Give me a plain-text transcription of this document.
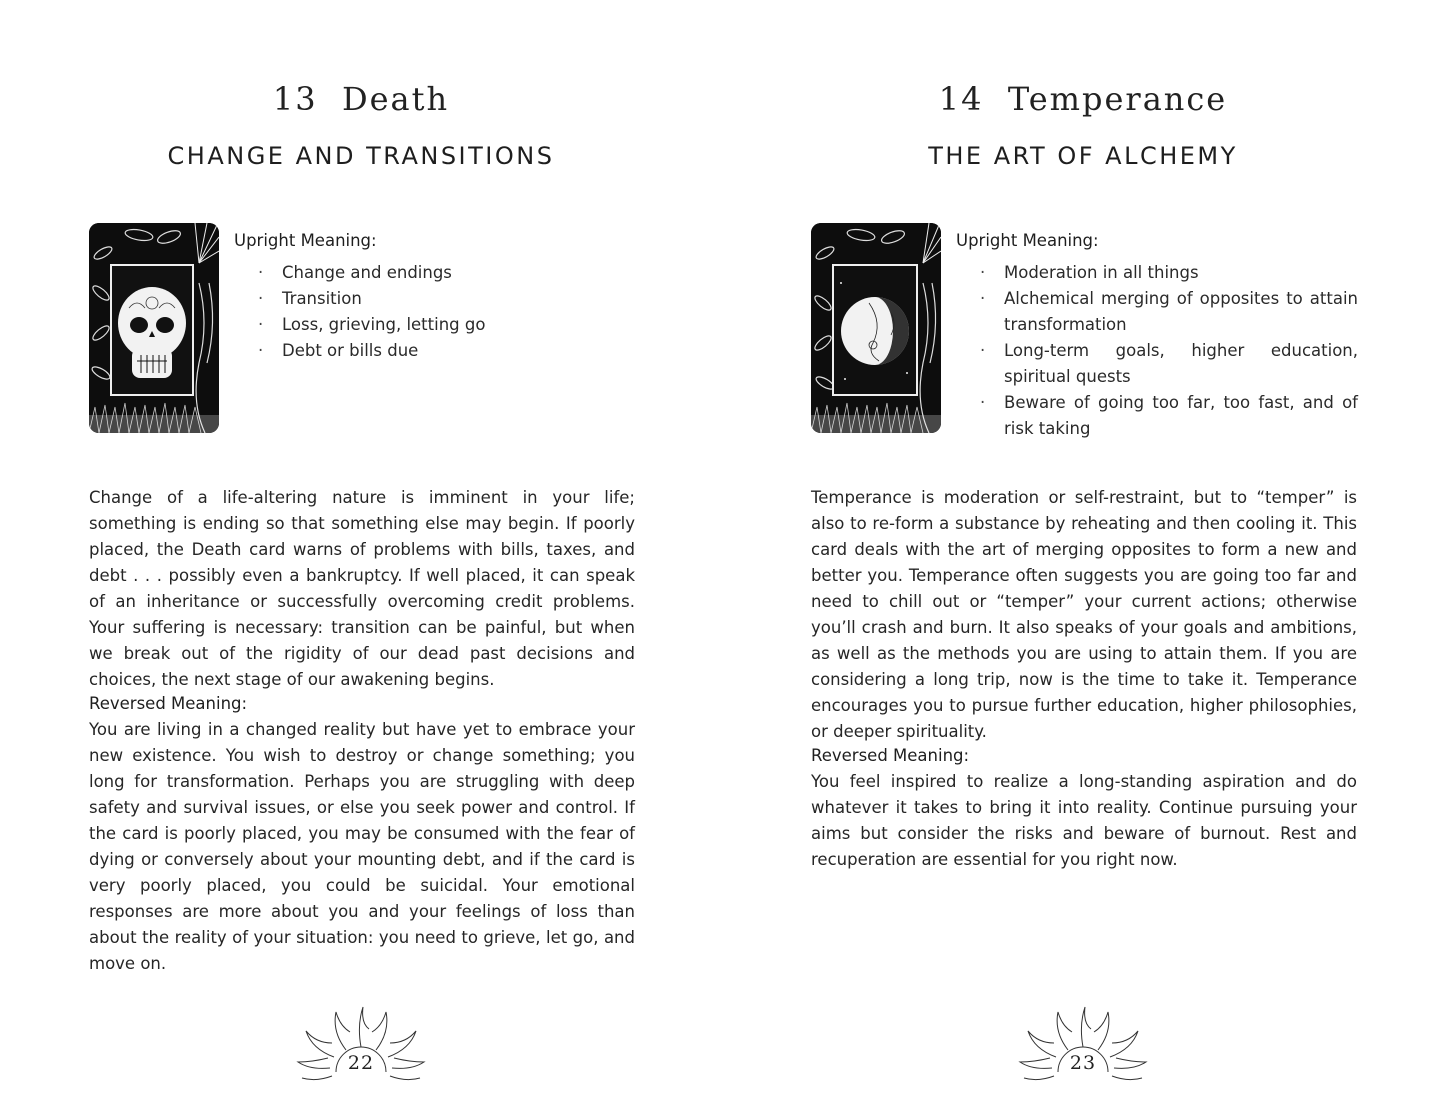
13  Death
CHANGE AND TRANSITIONS
Upright Meaning:
· Change and endings
· Transition
· Loss, grieving, letting go
· Debt or bills due

Change of a life-altering nature is imminent in your life; something is ending so that something else may begin. If poorly placed, the Death card warns of problems with bills, taxes, and debt . . . possibly even a bankruptcy. If well placed, it can speak of an inheritance or successfully overcoming credit problems. Your suffering is necessary: transition can be painful, but when we break out of the rigidity of our dead past decisions and choices, the next stage of our awakening begins.

Reversed Meaning:

You are living in a changed reality but have yet to embrace your new existence. You wish to destroy or change something; you long for transformation. Perhaps you are struggling with deep safety and survival issues, or else you seek power and control. If the card is poorly placed, you may be consumed with the fear of dying or conversely about your mounting debt, and if the card is very poorly placed, you could be suicidal. Your emotional responses are more about you and your feelings of loss than about the reality of your situation: you need to grieve, let go, and move on.

22
14  Temperance
THE ART OF ALCHEMY
Upright Meaning:
· Moderation in all things
· Alchemical merging of opposites to attain transformation
· Long-term goals, higher education, spiritual quests
· Beware of going too far, too fast, and of risk taking

Temperance is moderation or self-restraint, but to “temper” is also to re-form a substance by reheating and then cooling it. This card deals with the art of merging opposites to form a new and better you. Temperance often suggests you are going too far and need to chill out or “temper” your current actions; otherwise you’ll crash and burn. It also speaks of your goals and ambitions, as well as the methods you are using to attain them. If you are considering a long trip, now is the time to take it. Temperance encourages you to pursue further education, higher philosophies, or deeper spirituality.

Reversed Meaning:

You feel inspired to realize a long-standing aspiration and do whatever it takes to bring it into reality. Continue pursuing your aims but consider the risks and beware of burnout. Rest and recuperation are essential for you right now.

23
